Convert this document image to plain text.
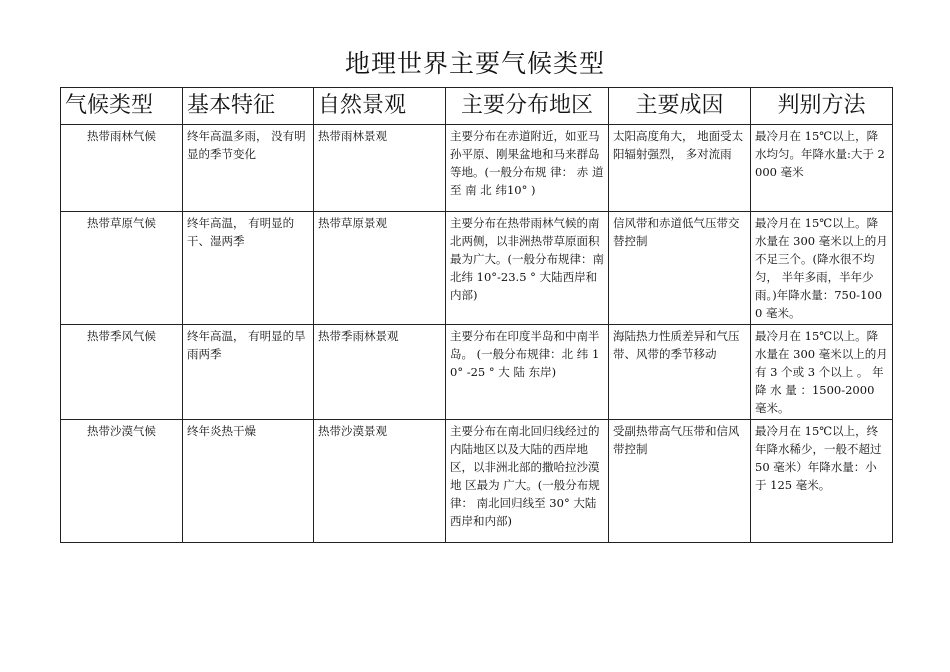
地理世界主要气候类型
气候类型	基本特征	自然景观	主要分布地区	主要成因	判别方法
热带雨林气候	终年高温多雨， 没有明显的季节变化	热带雨林景观	主要分布在赤道附近，如亚马孙平原、刚果盆地和马来群岛等地。(一般分布规 律： 赤 道 至 南 北 纬10° )	太阳高度角大， 地面受太阳辐射强烈， 多对流雨	最冷月在 15℃以上，降水均匀。年降水量:大于 2000 毫米
热带草原气候	终年高温， 有明显的干、湿两季	热带草原景观	主要分布在热带雨林气候的南北两侧，以非洲热带草原面积最为广大。(一般分布规律：南北纬 10°-23.5 ° 大陆西岸和内部)	信风带和赤道低气压带交替控制	最冷月在 15℃以上。降水量在 300 毫米以上的月不足三个。(降水很不均匀， 半年多雨，半年少雨。)年降水量：750-1000 毫米。
热带季风气候	终年高温， 有明显的旱雨两季	热带季雨林景观	主要分布在印度半岛和中南半岛。 (一般分布规律：北 纬 10° -25 ° 大 陆 东岸)	海陆热力性质差异和气压带、风带的季节移动	最冷月在 15℃以上。降水量在 300 毫米以上的月有 3 个或 3 个以上 。 年 降 水 量 ：1500-2000 毫米。
热带沙漠气候	终年炎热干燥	热带沙漠景观	主要分布在南北回归线经过的内陆地区以及大陆的西岸地区，以非洲北部的撒哈拉沙漠地 区最为 广大。(一般分布规律： 南北回归线至 30° 大陆西岸和内部)	受副热带高气压带和信风带控制	最冷月在 15℃以上，终年降水稀少，一般不超过 50 毫米）年降水量：小于 125 毫米。
